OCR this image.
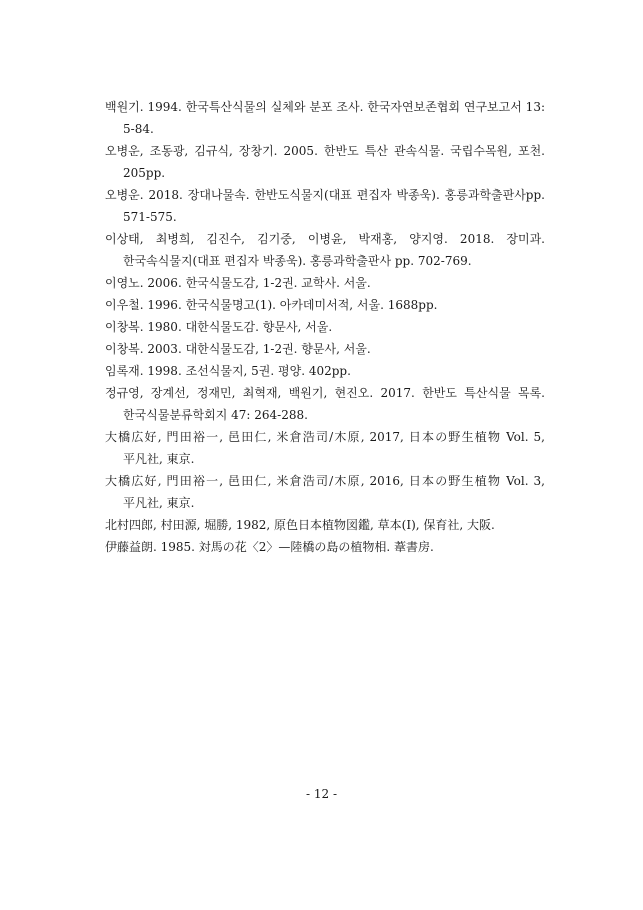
백원기. 1994. 한국특산식물의 실체와 분포 조사. 한국자연보존협회 연구보고서 13: 5-84.
오병운, 조동광, 김규식, 장창기. 2005. 한반도 특산 관속식물. 국립수목원, 포천. 205pp.
오병운. 2018. 장대나물속. 한반도식물지(대표 편집자 박종욱). 홍릉과학출판사pp. 571-575.
이상태, 최병희, 김진수, 김기중, 이병윤, 박재홍, 양지영. 2018. 장미과. 한국속식물지(대표 편집자 박종욱). 홍릉과학출판사 pp. 702-769.
이영노. 2006. 한국식물도감, 1-2권. 교학사. 서울.
이우철. 1996. 한국식물명고(1). 아카데미서적, 서울. 1688pp.
이창복. 1980. 대한식물도감. 향문사, 서울.
이창복. 2003. 대한식물도감, 1-2권. 향문사, 서울.
임록재. 1998. 조선식물지, 5권. 평양. 402pp.
정규영, 장계선, 정재민, 최혁재, 백원기, 현진오. 2017. 한반도 특산식물 목록. 한국식물분류학회지 47: 264-288.
大橋広好, 門田裕一, 邑田仁, 米倉浩司/木原, 2017, 日本の野生植物 Vol. 5, 平凡社, 東京.
大橋広好, 門田裕一, 邑田仁, 米倉浩司/木原, 2016, 日本の野生植物 Vol. 3, 平凡社, 東京.
北村四郎, 村田源, 堀勝, 1982, 原色日本植物図鑑, 草本(I), 保育社, 大阪.
伊藤益朗. 1985. 対馬の花〈2〉—陸橋の島の植物相. 葦書房.
- 12 -
